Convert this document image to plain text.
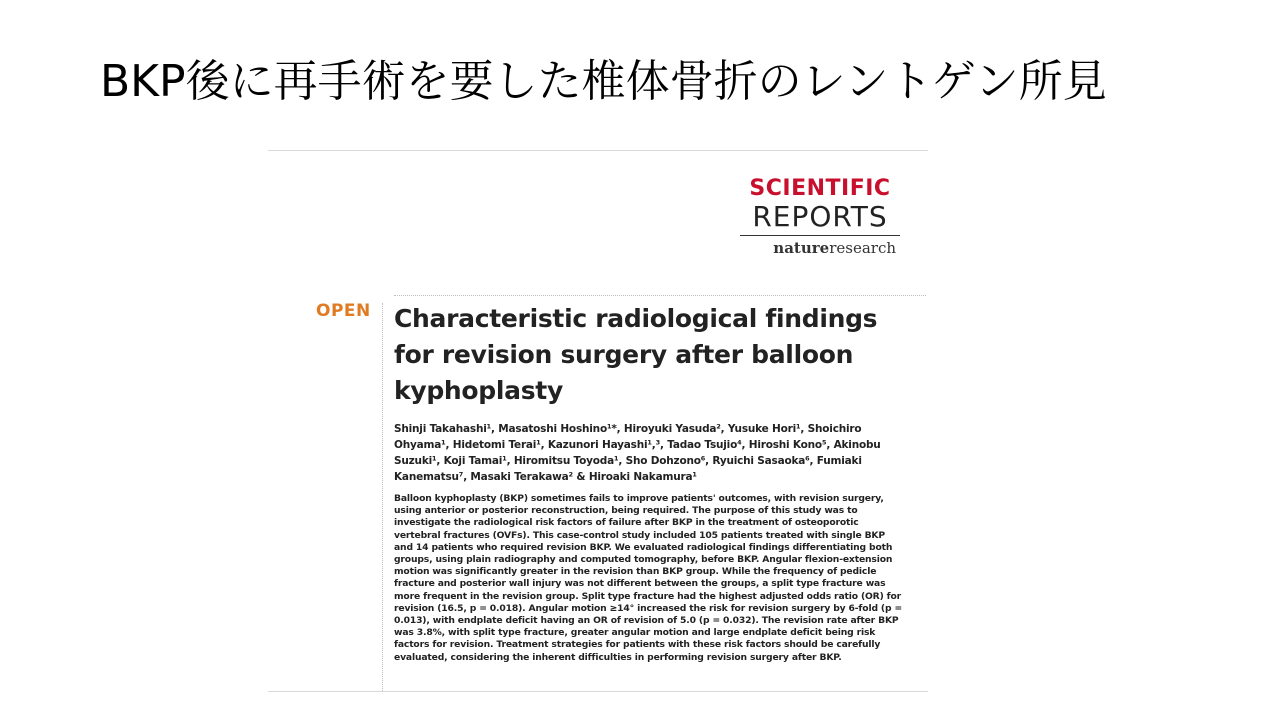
BKP後に再手術を要した椎体骨折のレントゲン所見
SCIENTIFIC
REPORTS
natureresearch
OPEN Characteristic radiological findings for revision surgery after balloon kyphoplasty

Shinji Takahashi¹, Masatoshi Hoshino¹*, Hiroyuki Yasuda², Yusuke Hori¹, Shoichiro Ohyama¹, Hidetomi Terai¹, Kazunori Hayashi¹,³, Tadao Tsujio⁴, Hiroshi Kono⁵, Akinobu Suzuki¹, Koji Tamai¹, Hiromitsu Toyoda¹, Sho Dohzono⁶, Ryuichi Sasaoka⁶, Fumiaki Kanematsu⁷, Masaki Terakawa² & Hiroaki Nakamura¹

Balloon kyphoplasty (BKP) sometimes fails to improve patients' outcomes, with revision surgery, using anterior or posterior reconstruction, being required. The purpose of this study was to investigate the radiological risk factors of failure after BKP in the treatment of osteoporotic vertebral fractures (OVFs). This case-control study included 105 patients treated with single BKP and 14 patients who required revision BKP. We evaluated radiological findings differentiating both groups, using plain radiography and computed tomography, before BKP. Angular flexion-extension motion was significantly greater in the revision than BKP group. While the frequency of pedicle fracture and posterior wall injury was not different between the groups, a split type fracture was more frequent in the revision group. Split type fracture had the highest adjusted odds ratio (OR) for revision (16.5, p = 0.018). Angular motion ≥14° increased the risk for revision surgery by 6-fold (p = 0.013), with endplate deficit having an OR of revision of 5.0 (p = 0.032). The revision rate after BKP was 3.8%, with split type fracture, greater angular motion and large endplate deficit being risk factors for revision. Treatment strategies for patients with these risk factors should be carefully evaluated, considering the inherent difficulties in performing revision surgery after BKP.
